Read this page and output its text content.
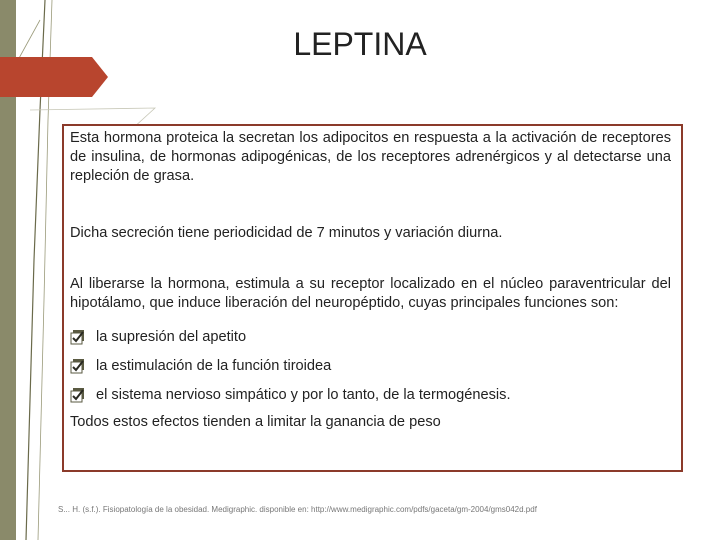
LEPTINA

Esta hormona proteica la secretan los adipocitos en respuesta a la activación de receptores de insulina, de hormonas adipogénicas, de los receptores adrenérgicos y al detectarse una repleción de grasa.

Dicha secreción tiene periodicidad de 7 minutos y variación diurna.

Al liberarse la hormona, estimula a su receptor localizado en el núcleo paraventricular del hipotálamo, que induce liberación del neuropéptido, cuyas principales funciones son:

la supresión del apetito
la estimulación de la función tiroidea
el sistema nervioso simpático y por lo tanto, de la termogénesis.

Todos estos efectos tienden a limitar la ganancia de peso

S... H. (s.f.). Fisiopatología de la obesidad. Medigraphic. disponible en: http://www.medigraphic.com/pdfs/gaceta/gm-2004/gms042d.pdf
